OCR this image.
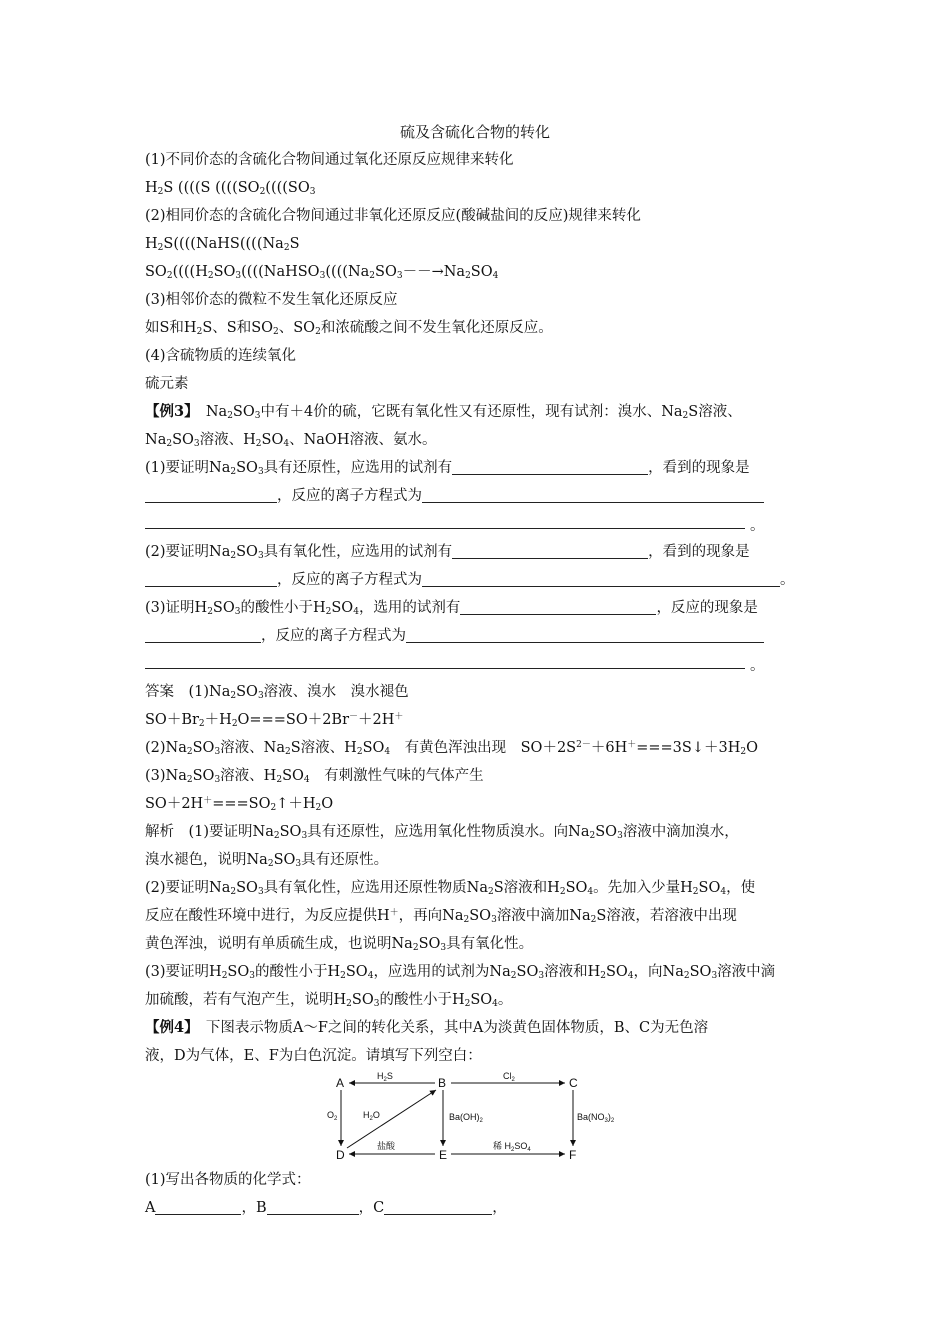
硫及含硫化合物的转化
(1)不同价态的含硫化合物间通过氧化还原反应规律来转化
$H_2S$ ((((S (((($SO_2((((SO_3$
(2)相同价态的含硫化合物间通过非氧化还原反应(酸碱盐间的反应)规律来转化
$H_2S((((NaHS((((Na_2S$
$SO_2((((H_2SO_3((((NaHSO_3((((Na_2SO_3--\to Na_2SO_4$
(3)相邻价态的微粒不发生氧化还原反应
如S和$H_2S$、S和$SO_2$、$SO_2$和浓硫酸之间不发生氧化还原反应。
(4)含硫物质的连续氧化
硫元素
【例3】　$Na_2SO_3$中有＋4价的硫，它既有氧化性又有还原性，现有试剂：溴水、$Na_2S$溶液、
$Na_2SO_3$溶液、$H_2SO_4$、NaOH溶液、氨水。
(1)要证明$Na_2SO_3$具有还原性，应选用的试剂有	，看到的现象是
，反应的离子方程式为
。
(2)要证明$Na_2SO_3$具有氧化性，应选用的试剂有	，看到的现象是
，反应的离子方程式为	。
(3)证明$H_2SO_3$的酸性小于$H_2SO_4$，选用的试剂有	，反应的现象是
，反应的离子方程式为
。
答案　$(1)Na_2SO_3$溶液、溴水　溴水褪色
$SO+Br_2+H_2O===SO+2Br^-+2H^+$
$(2)Na_2SO_3$溶液、$Na_2S$溶液、$H_2SO_4$　有黄色浑浊出现　$SO+2S^{2-}+6H^+===3S↓+3H_2O$
$(3)Na_2SO_3$溶液、$H_2SO_4$　有刺激性气味的气体产生
$SO+2H^+===SO_2↑+H_2O$
解析　(1)要证明$Na_2SO_3$具有还原性，应选用氧化性物质溴水。向$Na_2SO_3$溶液中滴加溴水，
溴水褪色，说明$Na_2SO_3$具有还原性。
(2)要证明$Na_2SO_3$具有氧化性，应选用还原性物质$Na_2S$溶液和$H_2SO_4$。先加入少量$H_2SO_4$，使
反应在酸性环境中进行，为反应提供H＋，再向$Na_2SO_3$溶液中滴加$Na_2S$溶液，若溶液中出现
黄色浑浊，说明有单质硫生成，也说明$Na_2SO_3$具有氧化性。
(3)要证明$H_2SO_3$的酸性小于$H_2SO_4$，应选用的试剂为$Na_2SO_3$溶液和$H_2SO_4$，向$Na_2SO_3$溶液中滴
加硫酸，若有气泡产生，说明$H_2SO_3$的酸性小于$H_2SO_4$。
【例4】　下图表示物质A～F之间的转化关系，其中A为淡黄色固体物质，B、C为无色溶
液，D为气体，E、F为白色沉淀。请填写下列空白：
A	B	C
D	E	F
$H_2S$	$Cl_2$
$O_2$	$H_2O$	$Ba(OH)_2$	$Ba(NO_3)_2$
盐酸	稀 $H_2SO_4$
(1)写出各物质的化学式：
A	，B	，C	，
